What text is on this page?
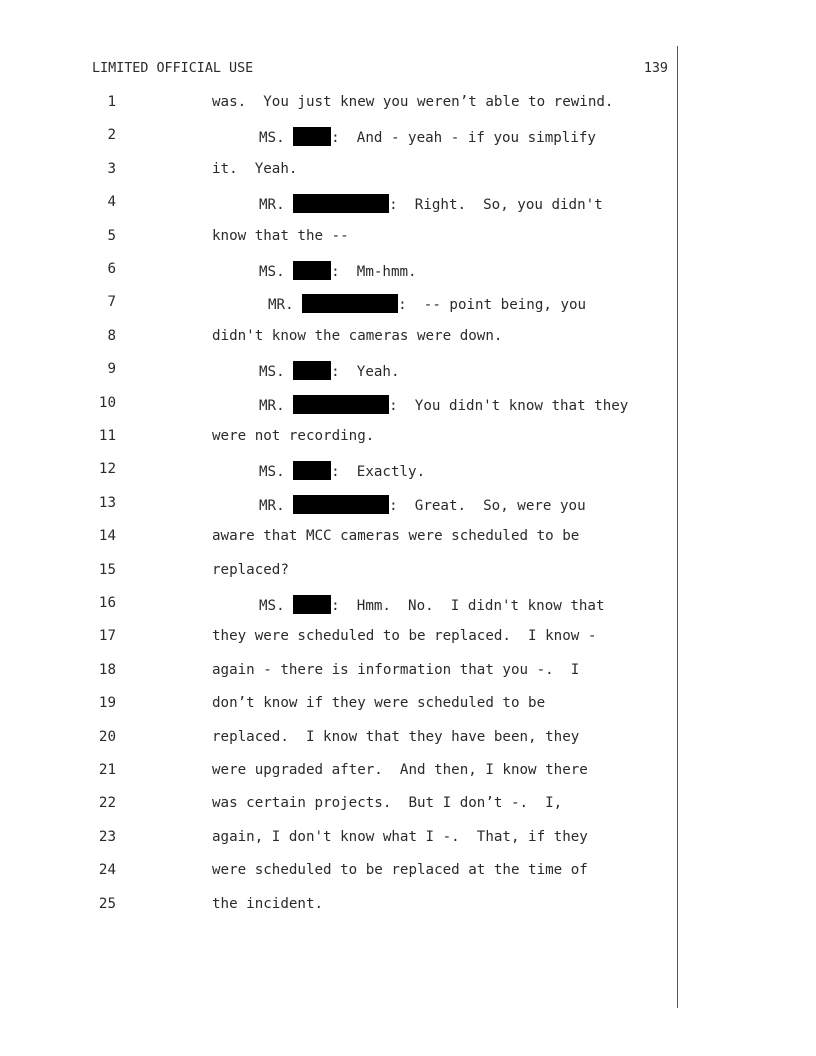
LIMITED OFFICIAL USE	139
1	was.  You just knew you weren’t able to rewind.
2	MS.	:  And - yeah - if you simplify
3	it.  Yeah.
4	MR.	:  Right.  So, you didn't
5	know that the --
6	MS.	:  Mm-hmm.
7	MR.	:  -- point being, you
8	didn't know the cameras were down.
9	MS.	:  Yeah.
10	MR.	:  You didn't know that they
11	were not recording.
12	MS.	:  Exactly.
13	MR.	:  Great.  So, were you
14	aware that MCC cameras were scheduled to be
15	replaced?
16	MS.	:  Hmm.  No.  I didn't know that
17	they were scheduled to be replaced.  I know -
18	again - there is information that you -.  I
19	don’t know if they were scheduled to be
20	replaced.  I know that they have been, they
21	were upgraded after.  And then, I know there
22	was certain projects.  But I don’t -.  I,
23	again, I don't know what I -.  That, if they
24	were scheduled to be replaced at the time of
25	the incident.
